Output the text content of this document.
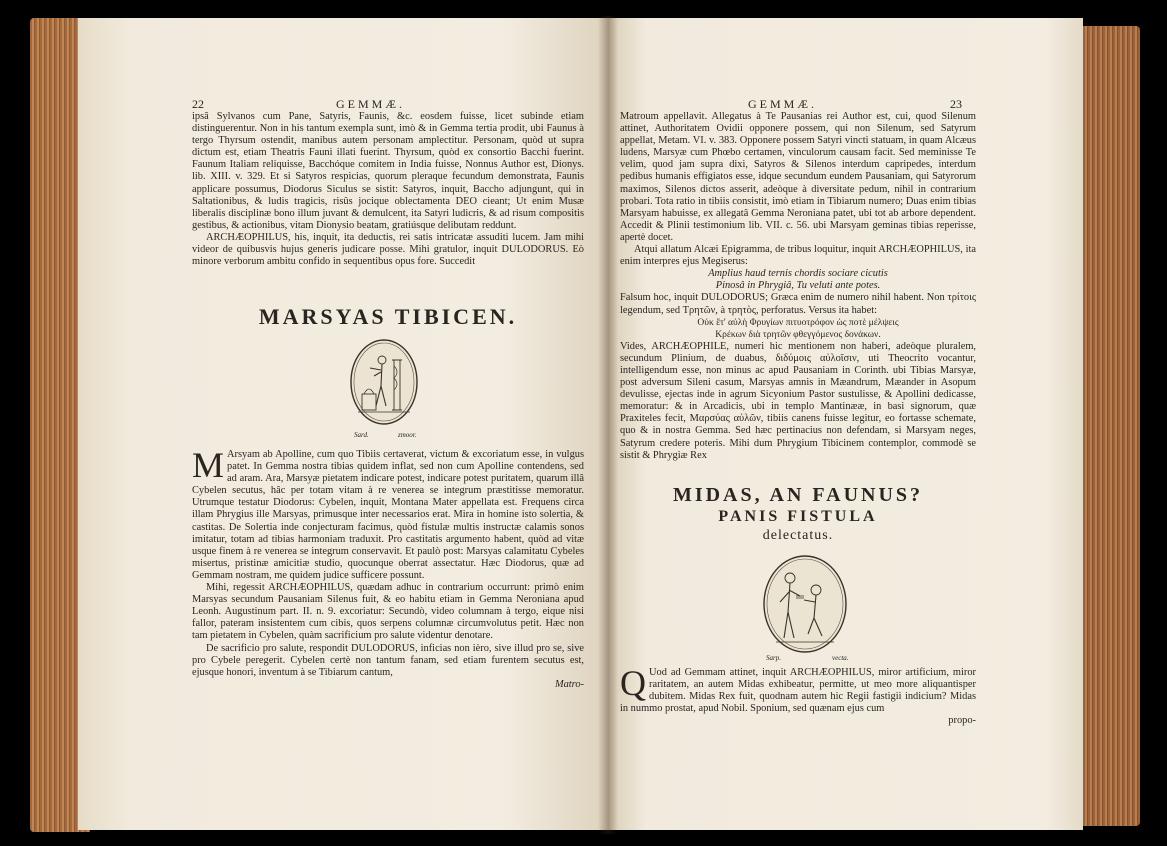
22	GEMMÆ.

ipsâ Sylvanos cum Pane, Satyris, Faunis, &c. eosdem fuisse, licet subinde etiam distinguerentur. Non in his tantum exempla sunt, imò & in Gemma tertia prodit, ubi Faunus à tergo Thyrsum ostendit, manibus autem personam amplectitur. Personam, quòd ut supra dictum est, etiam Theatris Fauni illati fuerint. Thyrsum, quòd ex consortio Bacchi fuerint. Faunum Italiam reliquisse, Bacchóque comitem in India fuisse, Nonnus Author est, Dionys. lib. XIII. v. 329. Et si Satyros respicias, quorum pleraque fecundum demonstrata, Faunis applicare possumus, Diodorus Siculus se sistit: Satyros, inquit, Baccho adjungunt, qui in Saltationibus, & ludis tragicis, risûs jocique oblectamenta DEO cieant; Ut enim Musæ liberalis disciplinæ bono illum juvant & demulcent, ita Satyri ludicris, & ad risum compositis gestibus, & actionibus, vitam Dionysio beatam, gratiúsque delibutam reddunt.

ARCHÆOPHILUS, his, inquit, ita deductis, rei satis intricatæ assuditi lucem. Jam mihi videor de quibusvis hujus generis judicare posse. Mihi gratulor, inquit DULODORUS. Eò minore verborum ambitu confido in sequentibus opus fore. Succedit

MARSYAS TIBICEN.
Sard.	zmoor.

M Arsyam ab Apolline, cum quo Tibiis certaverat, victum & excoriatum esse, in vulgus patet. In Gemma nostra tibias quidem inflat, sed non cum Apolline contendens, sed ad aram. Ara, Marsyæ pietatem indicare potest, indicare potest puritatem, quarum illâ Cybelen secutus, hâc per totam vitam à re venerea se integrum præstitisse memoratur. Utrumque testatur Diodorus: Cybelen, inquit, Montana Mater appellata est. Frequens circa illam Phrygius ille Marsyas, primusque inter necessarios erat. Mira in homine isto solertia, & castitas. De Solertia inde conjecturam facimus, quòd fistulæ multis instructæ calamis sonos imitatur, totam ad tibias harmoniam traduxit. Pro castitatis argumento habent, quòd ad vitæ usque finem à re venerea se integrum conservavit. Et paulò post: Marsyas calamitatu Cybeles misertus, pristinæ amicitiæ studio, quocunque oberrat assectatur. Hæc Diodorus, quæ ad Gemmam nostram, me quidem judice sufficere possunt.

Mihi, regessit ARCHÆOPHILUS, quædam adhuc in contrarium occurrunt: primò enim Marsyas secundum Pausaniam Silenus fuit, & eo habitu etiam in Gemma Neroniana apud Leonh. Augustinum part. II. n. 9. excoriatur: Secundò, video columnam à tergo, eique nisi fallor, pateram insistentem cum cibis, quos serpens columnæ circumvolutus petit. Hæc non tam pietatem in Cybelen, quàm sacrificium pro salute videntur denotare.

De sacrificio pro salute, respondit DULODORUS, inficias non ièro, sive illud pro se, sive pro Cybele peregerit. Cybelen certè non tantum fanam, sed etiam furentem secutus est, ejusque honori, inventum à se Tibiarum cantum,

Matro-

GEMMÆ.	23

Matroum appellavit. Allegatus à Te Pausanias rei Author est, cui, quod Silenum attinet, Authoritatem Ovidii opponere possem, qui non Silenum, sed Satyrum appellat, Metam. VI. v. 383. Opponere possem Satyri vincti statuam, in quam Alcæus ludens, Marsyæ cum Phœbo certamen, vinculorum causam facit. Sed meminisse Te velim, quod jam supra dixi, Satyros & Silenos interdum capripedes, interdum pedibus humanis effigiatos esse, idque secundum eundem Pausaniam, qui Satyrorum maximos, Silenos dictos asserit, adeòque à diversitate pedum, nihil in contrarium probari. Tota ratio in tibiis consistit, imò etiam in Tibiarum numero; Duas enim tibias Marsyam habuisse, ex allegatâ Gemma Neroniana patet, ubi tot ab arbore dependent. Accedit & Plinii testimonium lib. VII. c. 56. ubi Marsyam geminas tibias reperisse, apertè docet.

Atqui allatum Alcæi Epigramma, de tribus loquitur, inquit ARCHÆOPHILUS, ita enim interpres ejus Megiserus:

Amplius haud ternis chordis sociare cicutis

Pinosâ in Phrygiâ, Tu veluti ante potes.

Falsum hoc, inquit DULODORUS; Græca enim de numero nihil habent. Non τρίτοις legendum, sed Τρητῶν, à τρητὸς, perforatus. Versus ita habet:

Οὐκ ἔτ' αὐλὴ Φρυγίων πιτυοτρόφον ὡς ποτὲ μέλψεις

Κρέκων διὰ τρητῶν φθεγγόμενος δονάκων.

Vides, ARCHÆOPHILE, numeri hic mentionem non haberi, adeòque pluralem, secundum Plinium, de duabus, διδύμοις αὐλοῖσιν, uti Theocrito vocantur, intelligendum esse, non minus ac apud Pausaniam in Corinth. ubi Tibias Marsyæ, post adversum Sileni casum, Marsyas amnis in Mæandrum, Mæander in Asopum devulisse, ejectas inde in agrum Sicyonium Pastor sustulisse, & Apollini dedicasse, memoratur: & in Arcadicis, ubi in templo Mantinææ, in basi signorum, quæ Praxiteles fecit, Μαρσύας αὐλῶν, tibiis canens fuisse legitur, eo fortasse schemate, quo & in nostra Gemma. Sed hæc pertinacius non defendam, si Marsyam neges, Satyrum credere poteris. Mihi dum Phrygium Tibicinem contemplor, commodè se sistit & Phrygiæ Rex

MIDAS, AN FAUNUS?
PANIS FISTULA
delectatus.
Sarp.	vecta.

Q Uod ad Gemmam attinet, inquit ARCHÆOPHILUS, miror artificium, miror raritatem, an autem Midas exhibeatur, permitte, ut meo more aliquantisper dubitem. Midas Rex fuit, quodnam autem hic Regii fastigii indicium? Midas in nummo prostat, apud Nobil. Sponium, sed quænam ejus cum

propo-
